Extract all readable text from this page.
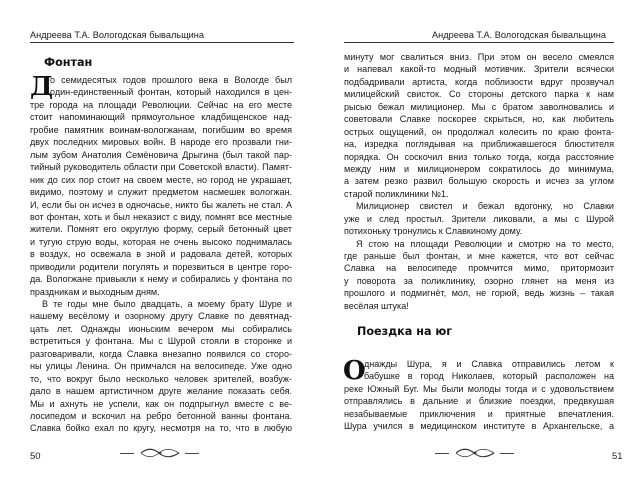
Андреева Т.А. Вологодская бывальщина
Фонтан
Д
о семидесятых годов прошлого века в Вологде был
один-единственный фонтан, который находился в цен-
тре города на площади Революции. Сейчас на его месте
стоит напоминающий прямоугольное кладбищенское над-
гробие памятник воинам-вологжанам, погибшим во время
двух последних мировых войн. В народе его прозвали гни-
лым зубом Анатолия Семёновича Дрыгина (был такой пар-
тийный руководитель области при Советской власти). Памят-
ник до сих пор стоит на своем месте, но город не украшает,
видимо, поэтому и служит предметом насмешек вологжан.
И, если бы он исчез в одночасье, никто бы жалеть не стал. А
вот фонтан, хоть и был неказист с виду, помнят все местные
жители. Помнят его округлую форму, серый бетонный цвет
и тугую струю воды, которая не очень высоко поднималась
в воздух, но освежала в зной и радовала детей, которых
приводили родители погулять и порезвиться в центре горо-
да. Вологжане привыкли к нему и собирались у фонтана по
праздникам и выходным дням.
В те годы мне было двадцать, а моему брату Шуре и
нашему весёлому и озорному другу Славке по девятнад-
цать лет. Однажды июньским вечером мы собирались
встретиться у фонтана. Мы с Шурой стояли в сторонке и
разговаривали, когда Славка внезапно появился со сторо-
ны улицы Ленина. Он примчался на велосипеде. Уже одно
то, что вокруг было несколько человек зрителей, возбуж-
дало в нашем артистичном друге желание показать себя.
Мы и ахнуть не успели, как он подпрыгнул вместе с ве-
лосипедом и вскочил на ребро бетонной ванны фонтана.
Славка бойко ехал по кругу, несмотря на то, что в любую
50
Андреева Т.А. Вологодская бывальщина
минуту мог свалиться вниз. При этом он весело смеялся
и напевал какой-то модный мотивчик. Зрители всячески
подбадривали артиста, когда поблизости вдруг прозвучал
милицейский свисток. Со стороны детского парка к нам
рысью бежал милиционер. Мы с братом заволновались и
советовали Славке поскорее скрыться, но, как любитель
острых ощущений, он продолжал колесить по краю фонта-
на, изредка поглядывая на приближавшегося блюстителя
порядка. Он соскочил вниз только тогда, когда расстояние
между ним и милиционером сократилось до минимума,
а затем резко развил большую скорость и исчез за углом
старой поликлиники №1.
Милиционер свистел и бежал вдогонку, но Славки
уже и след простыл. Зрители ликовали, а мы с Шурой
потихоньку тронулись к Славкиному дому.
Я стою на площади Революции и смотрю на то место,
где раньше был фонтан, и мне кажется, что вот сейчас
Славка на велосипеде промчится мимо, притормозит
у поворота за поликлинику, озорно глянет на меня из
прошлого и подмигнёт, мол, не горюй, ведь жизнь – такая
весёлая штука!
Поездка на юг
О
днажды Шура, я и Славка отправились летом к
бабушке в город Николаев, который расположен на
реке Южный Буг. Мы были молоды тогда и с удовольствием
отправлялись в дальние и близкие поездки, предвкушая
незабываемые приключения и приятные впечатления.
Шура учился в медицинском институте в Архангельске, а
51
